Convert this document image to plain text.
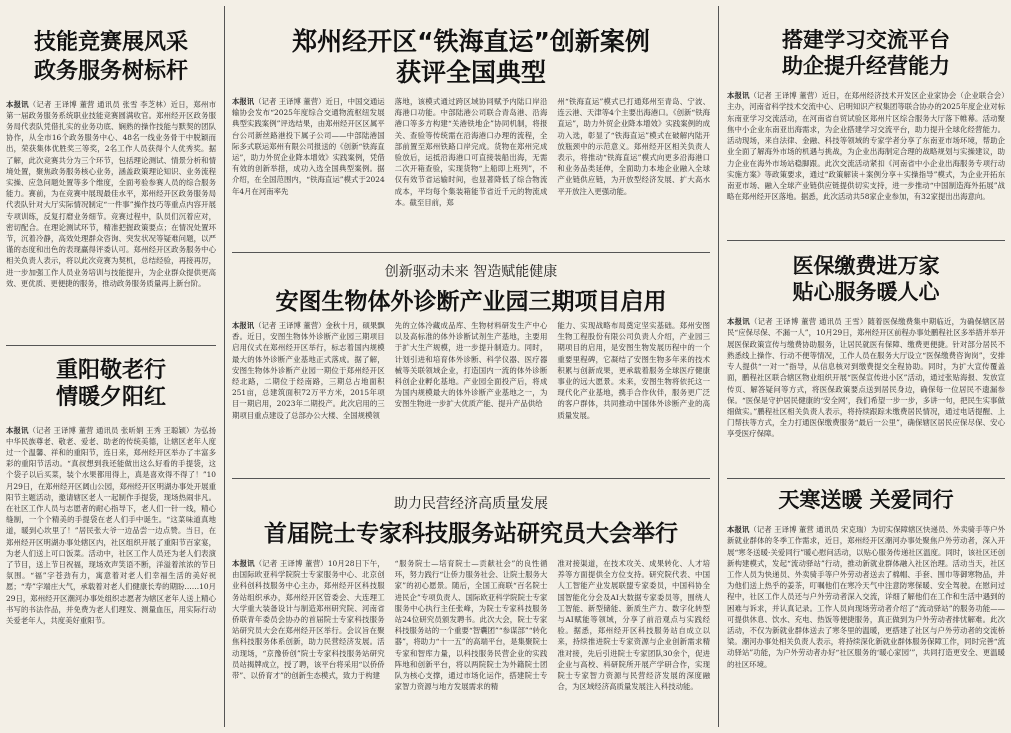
技能竞赛展风采
政务服务树标杆

本报讯（记者 王译博 董营 通讯员 张雪 李芝林）近日，郑州市第一届政务服务系统职业技能竞赛圆满收官。郑州经开区政务服务局代表队凭借扎实的业务功底、娴熟的操作技能与默契的团队协作，从全市16个政务服务中心、48名一线业务骨干中脱颖而出，荣获集体优胜奖三等奖，2名工作人员获得个人优秀奖。据了解，此次竞赛共分为三个环节，包括理论测试、情景分析和情境处置，聚焦政务服务核心业务，涵盖政策理论知识、业务流程实操、应急问题处置等多个维度，全面考验参赛人员的综合服务能力。赛前，为在竞赛中展现最佳水平，郑州经开区政务服务局代表队针对大厅实际情况制定“一件事”操作技巧等重点内容开展专项训练，反复打磨业务细节。竞赛过程中，队员们沉着应对，密切配合。在理论测试环节，精准把握政策要点；在情况处置环节，沉着冷静，高效处理群众咨询、突发状况等疑难问题，以严谨的态度和出色的表现赢得评委认可。郑州经开区政务服务中心相关负责人表示，将以此次竞赛为契机，总结经验，再接再厉，进一步加强工作人员业务培训与技能提升，为企业群众提供更高效、更优质、更便捷的服务，推动政务服务质量再上新台阶。

重阳敬老行
情暖夕阳红

本报讯（记者 王译博 董营 通讯员 张昕娟 王秀 王聪颖）为弘扬中华民族尊老、敬老、爱老、助老的传统美德，让辖区老年人度过一个温馨、祥和的重阳节，连日来，郑州经开区举办了丰富多彩的重阳节活动。“真叔想到我还能做出这么好看的手提袋，这个袋子以后买菜，装个水果都用得上，真是喜欢得不得了！”10月29日，在郑州经开区阔山公园，郑州经开区明湖办事处开展重阳节主题活动，邀请辖区老人一起制作手提袋，现场热闹非凡。在社区工作人员与志愿者的耐心指导下，老人们一针一线，精心缝制，一个个精美的手提袋在老人们手中诞生。“这菜味道真地道，暖到心坎里了！”居民张大爷一边品尝一边点赞。当日，在郑州经开区明湖办事处辖区内，社区组织开展了重阳节百家宴，为老人们送上可口饭菜。活动中，社区工作人员还为老人们表演了节目，送上节日祝福，现场欢声笑语不断，洋溢着浓浓的节日氛围。“福”字苍劲有力，寓意着对老人们幸福生活的美好祝愿；“寿”字端庄大气，承载着对老人们健康长寿的期盼……10月29日，郑州经开区潮河办事处组织志愿者为辖区老年人送上精心书写的书法作品，并免费为老人们理发、测量血压，用实际行动关爱老年人，共度美好重阳节。

郑州经开区“铁海直运”创新案例
获评全国典型

本报讯（记者 王译博 董营）近日，中国交通运输协会发布“2025年度综合交通物流枢纽发展典型实践案例”评选结果，由郑州经开区区属平台公司新丝路港投下属子公司——中部陆港国际多式联运郑州有限公司报送的《创新“铁海直运”，助力外贸企业降本增效》实践案例，凭借有效的创新举措，成功入选全国典型案例。据介绍，在全国范围内，“铁海直运”模式于2024年4月在河南率先

落地，该模式通过跨区域协同赋予内陆口岸沿海港口功能。中部陆港公司联合青岛港、沿海港口等多方构建“关港铁地企”协同机制，将报关、查验等传统需在沿海港口办理的流程，全部前置至郑州铁路口岸完成。货物在郑州完成验放后，运抵沿海港口可直接装船出海，无需二次开箱查验，实现货物“上船即上班列”，不仅有效节省运输时间，也显著降低了综合物流成本，平均每个集装箱能节省近千元的物流成本。截至目前，郑

州“铁海直运”模式已打通郑州至青岛、宁波、连云港、天津等4个主要出海港口。《创新“铁海直运”，助力外贸企业降本增效》实践案例的成功入选，彰显了“铁海直运”模式在破解内陆开放瓶颈中的示范意义。郑州经开区相关负责人表示，将推动“铁海直运”模式向更多沿海港口和业务品类延伸，全面助力本地企业融入全球产业链供应链，为开放型经济发展、扩大高水平开放注入更强动能。

创新驱动未来 智造赋能健康
安图生物体外诊断产业园三期项目启用

本报讯（记者 王译博 董营）金秋十月，硕果飘香。近日，安图生物体外诊断产业园三期项目启用仪式在郑州经开区举行，标志着国内规模最大的体外诊断产业基地正式落成。据了解，安图生物体外诊断产业园一期位于郑州经开区经北路，二期位于经南路，三期总占地面积251亩，总建筑面积72万平方米，2015年项目一期启用，2023年二期投产。此次启用的三期项目重点建设了总部办公大楼、全国规模领

先的立体冷藏成品库、生物材料研发生产中心以及高标准的体外诊断试剂生产基地，主要用于扩大生产规模，进一步提升制造力。同时，计划引进和培育体外诊断、科学仪器、医疗器械等关联领域企业，打造国内一流的体外诊断科创企业孵化基地。产业园全面投产后，将成为国内规模最大的体外诊断产业基地之一，为安图生物进一步扩大优质产能、提升产品供给

能力、实现战略布局奠定坚实基础。郑州安图生物工程股份有限公司负责人介绍，产业园三期项目的启用，是安图生物发展历程中的一个重要里程碑，它凝结了安图生物多年来的技术积累与创新成果，更承载着服务全球医疗健康事业的远大愿景。未来，安图生物将依托这一现代化产业基地，携手合作伙伴，服务更广泛的客户群体，共同推动中国体外诊断产业的高质量发展。

助力民营经济高质量发展
首届院士专家科技服务站研究员大会举行

本报讯（记者 王译博 董营）10月28日下午，由国际欧亚科学院院士专家服务中心、北京创业科创科技服务中心主办，郑州经开区科技服务站组织承办，郑州经开区管委会、大连理工大学重大装备设计与制造郑州研究院、河南省侨联青年委员会协办的首届院士专家科技服务站研究员大会在郑州经开区举行。会议旨在聚焦科技服务体系创新，助力民营经济发展。活动现场，“京豫侨创”院士专家科技服务站研究员站揭牌成立，授了聘，该平台将采用“以侨侨带”、以侨育才”的创新生态模式，致力于构建

“服务院士—培育院士—贡献社会”的良性循环，努力践行“让侨力服务社会、让院士服务大家”的初心愿景。随后，全国工商联“百名院士进民企”专项负责人、国际欧亚科学院院士专家服务中心执行主任张峰，为院士专家科技服务站24位研究员颁发聘书。此次大会，院士专家科技服务站的一个重要“智囊团”“参谋部”“转化器”，将助力“十一五”的高端平台，是集聚院士专家和智库力量，以科技服务民营企业的实践阵地和创新平台，将以两院院士为外籍院士团队为核心支撑，通过市场化运作，搭建院士专家智力资源与地方发展需求的精

准对接渠道，在技术攻关、成果转化、人才培养等方面提供全方位支持。研究院代表、中国人工智能产业发展联盟专家委员，中国科协全国智能化分会及AI大数据专家委员等，围绕人工智能、新型储能、新质生产力、数字化转型与AI赋能等领域，分享了前沿观点与实践经验。据悉，郑州经开区科技服务站自成立以来，持续推进院士专家资源与企业创新需求精准对接，先后引进院士专家团队30余个，促进企业与高校、科研院所开展产学研合作，实现院士专家智力资源与民营经济发展的深度融合，为区域经济高质量发展注入科技动能。

搭建学习交流平台
助企提升经营能力

本报讯（记者 王译博 董营）近日，在郑州经济技术开发区企业家协会（企业联合会）主办，河南省科学技术交流中心、启明知识产权集团等联合协办的2025年度企业对标东南亚学习交流活动，在河南省自贸试验区郑州片区综合服务大厅落下帷幕。活动聚焦中小企业东南亚出海需求，为企业搭建学习交流平台，助力提升全球化经营能力。活动现场，来自法律、金融、科技等领域的专家学者分享了东南亚市场环境，帮助企业全面了解海外市场的机遇与挑战，为企业出海制定合理的战略规划与实操建议，助力企业在海外市场站稳脚跟。此次交流活动紧扣《河南省中小企业出海服务专项行动实施方案》等政策要求，通过“政策解读＋案例分享＋实操指导”模式，为企业开拓东南亚市场、融入全球产业链供应链提供切实支持，进一步推动“中国制造海外拓展”战略在郑州经开区落地。据悉，此次活动共58家企业参加，有32家提出出海意向。

医保缴费进万家
贴心服务暖人心

本报讯（记者 王译博 董营 通讯员 王雪）随着医保缴费集中期临近，为确保辖区居民“应保尽保、不漏一人”，10月29日，郑州经开区前程办事处鹏程社区多举措并举开展医保政策宣传与缴费协助服务，让居民就医有保障、缴费更便捷。针对部分居民不熟悉线上操作、行动不便等情况，工作人员在服务大厅设立“医保缴费咨询岗”，安排专人提供“一对一”指导，从信息核对到缴费提交全程协助。同时，为扩大宣传覆盖面，鹏程社区联合辖区物业组织开展“医保宣传进小区”活动，通过张贴海报、发放宣传页、解答疑问等方式，将医保政策要点送到居民身边，确保每一位居民不遗漏参保。“医保是守护居民健康的‘安全网’，我们希望一步一步，多讲一句，把民生实事做细做实。”鹏程社区相关负责人表示，将持续跟踪未缴费居民情况，通过电话提醒、上门帮扶等方式，全力打通医保缴费服务“最后一公里”，确保辖区居民应保尽保、安心享受医疗保障。

天寒送暖 关爱同行

本报讯（记者 王译博 董营 通讯员 宋克瑞）为切实保障辖区快递员、外卖骑手等户外新就业群体的冬季工作需求，近日，郑州经开区潮河办事处聚焦户外劳动者，深入开展“寒冬送暖·关爱同行”暖心慰问活动，以贴心服务传递社区温度。同时，该社区还创新构建模式，发起“流动驿站”行动，推动新就业群体融入社区治理。活动当天，社区工作人员为快递员、外卖骑手等户外劳动者送去了棉帽、手套、围巾等御寒物品，并为他们送上热乎的姜茶，叮嘱他们在寒冷天气中注意防寒保暖、安全驾驶。在慰问过程中，社区工作人员还与户外劳动者深入交流，详细了解他们在工作和生活中遇到的困难与诉求，并认真记录。工作人员向现场劳动者介绍了“流动驿站”的服务功能——可提供休息、饮水、充电、热饭等便捷服务，真正做到为户外劳动者排忧解难。此次活动，不仅为新就业群体送去了寒冬里的温暖，更搭建了社区与户外劳动者的交流桥梁。潮河办事处相关负责人表示，将持续深化新就业群体服务保障工作，同时完善“流动驿站”功能，为户外劳动者办好“社区服务的‘暖心家园’”，共同打造更安全、更温暖的社区环境。
